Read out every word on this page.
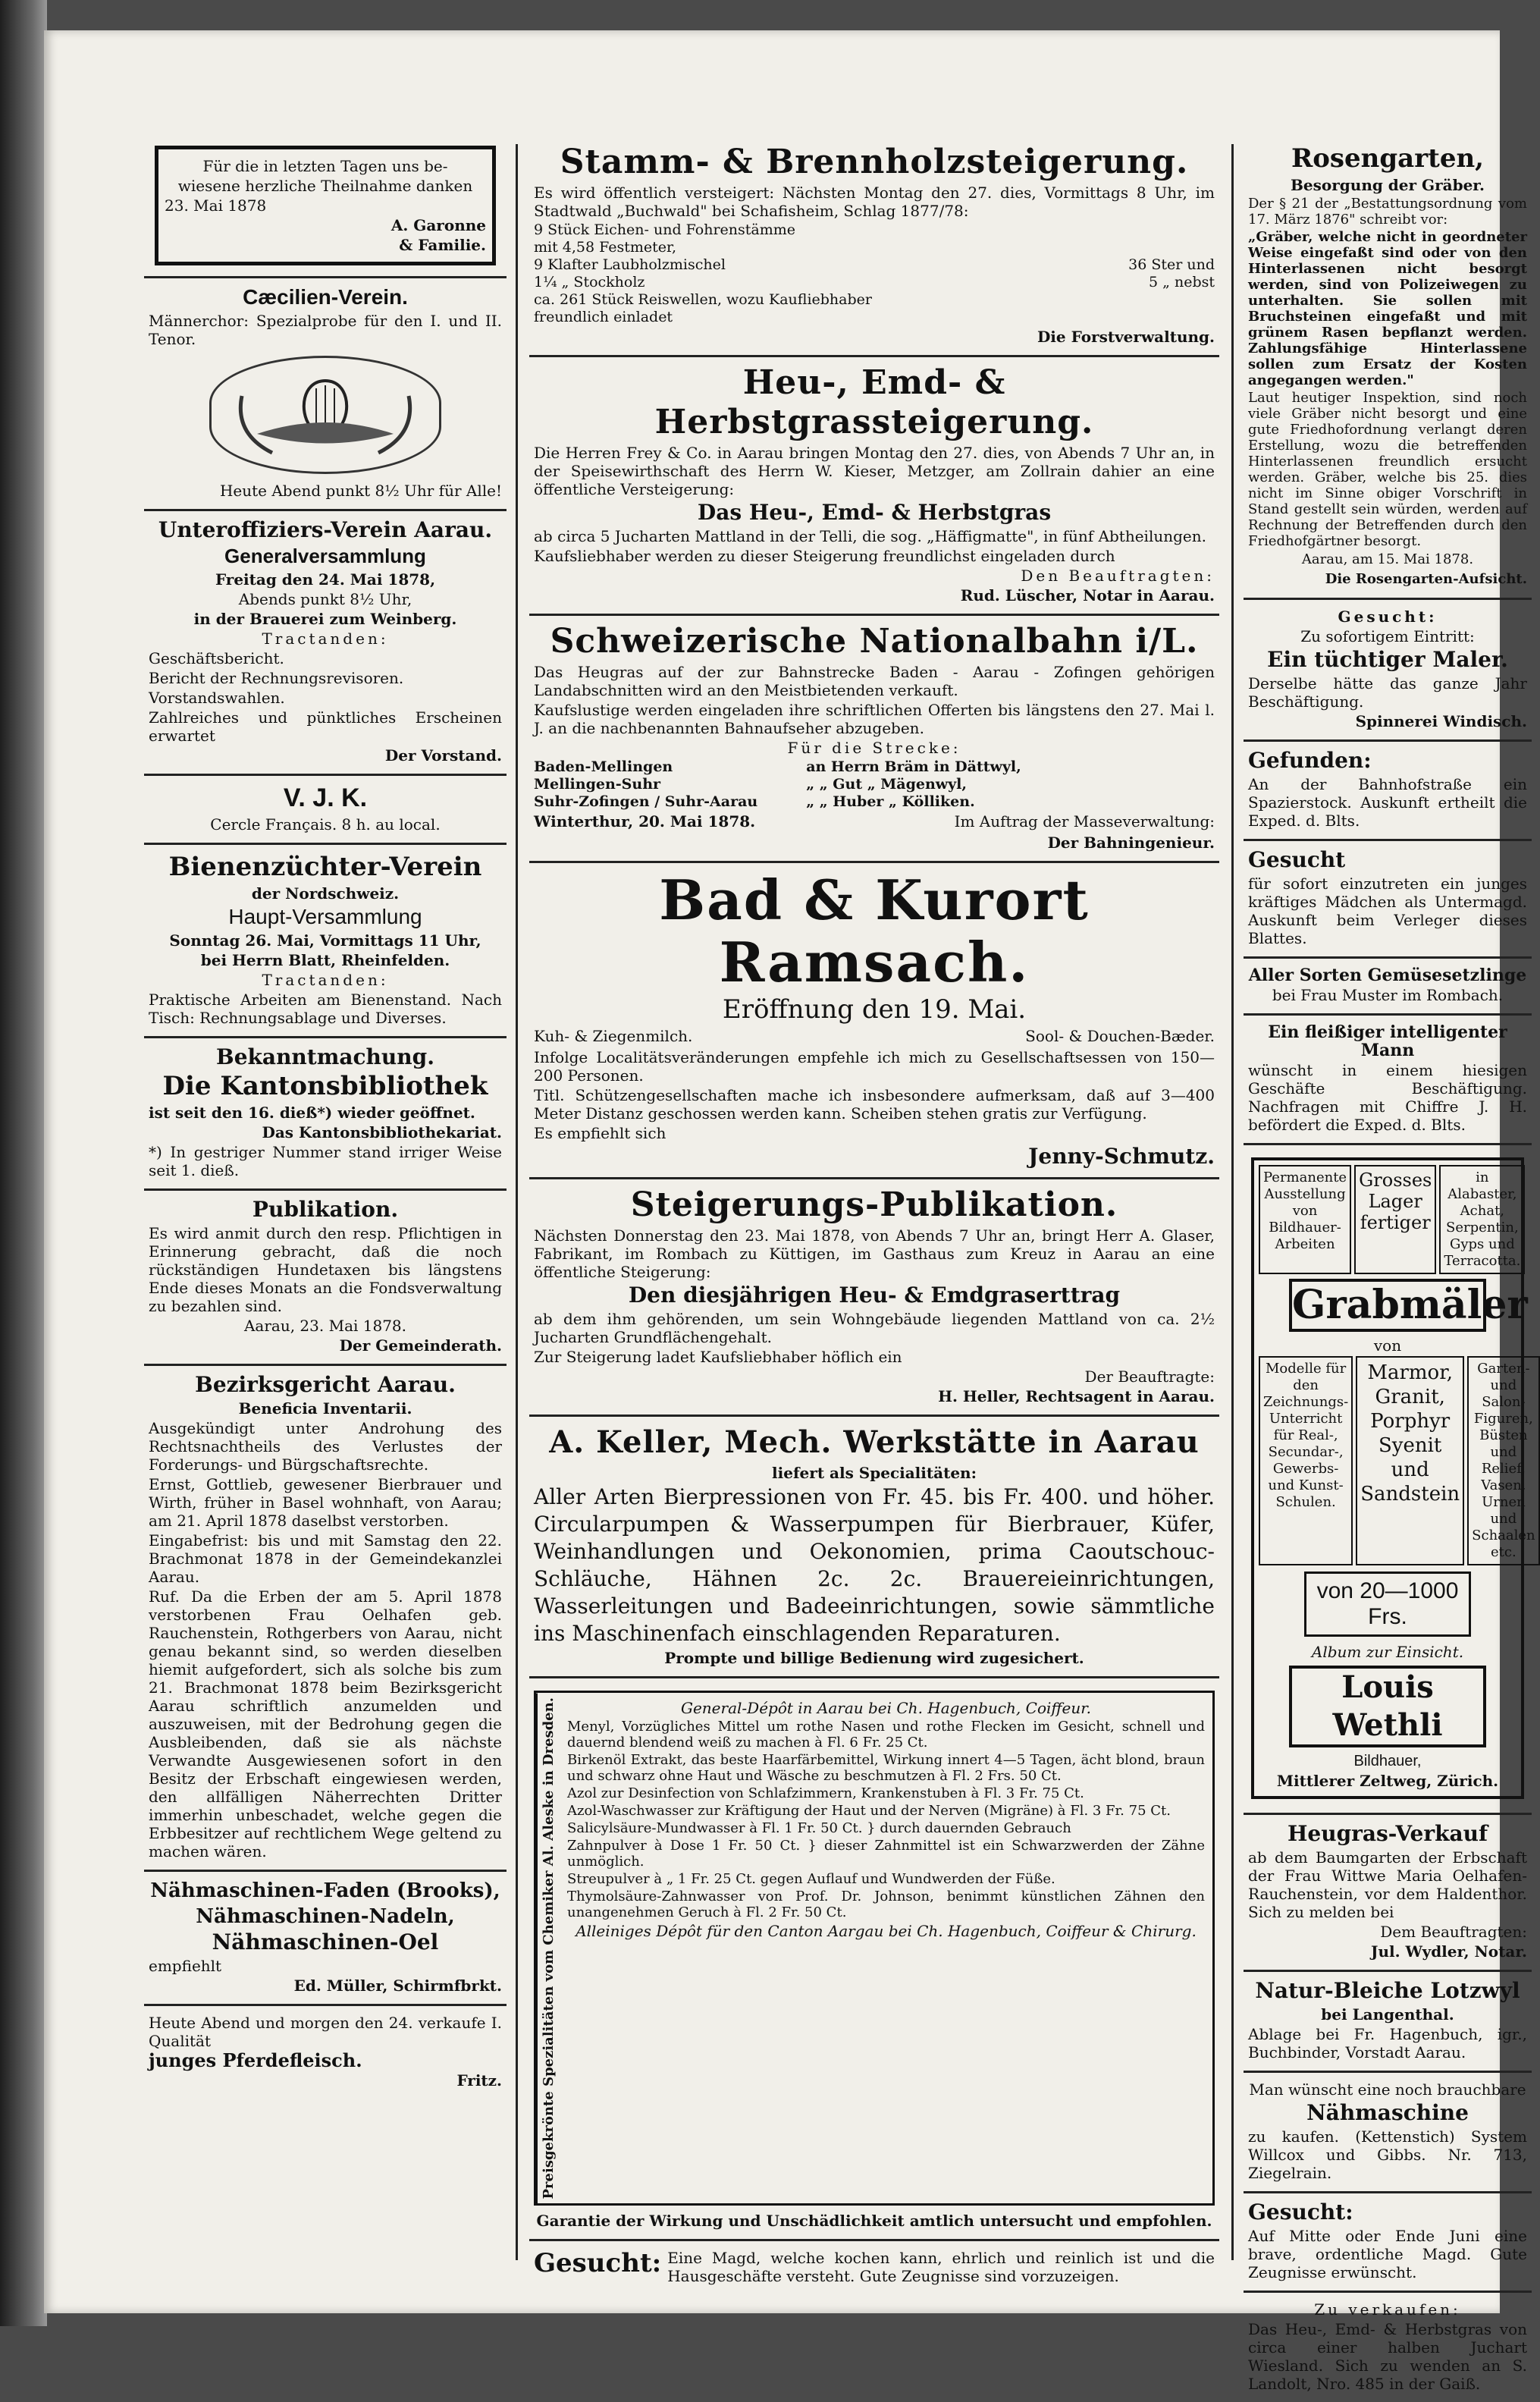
Für die in letzten Tagen uns be-
wiesene herzliche Theilnahme danken
23. Mai 1878
A. Garonne
& Familie.
Cæcilien-Verein.
Männerchor: Spezialprobe für den I. und II. Tenor.
Heute Abend punkt 8½ Uhr für Alle!
Unteroffiziers-Verein Aarau.
Generalversammlung
Freitag den 24. Mai 1878,
Abends punkt 8½ Uhr,
in der Brauerei zum Weinberg.
Tractanden:
Geschäftsbericht.
Bericht der Rechnungsrevisoren.
Vorstandswahlen.
Zahlreiches und pünktliches Erscheinen erwartet
Der Vorstand.
V. J. K.
Cercle Français. 8 h. au local.
Bienenzüchter-Verein
der Nordschweiz.
Haupt-Versammlung
Sonntag 26. Mai, Vormittags 11 Uhr,
bei Herrn Blatt, Rheinfelden.
Tractanden:
Praktische Arbeiten am Bienenstand. Nach Tisch: Rechnungsablage und Diverses.
Bekanntmachung.
Die Kantonsbibliothek
ist seit den 16. dieß*) wieder geöffnet.
Das Kantonsbibliothekariat.
*) In gestriger Nummer stand irriger Weise seit 1. dieß.
Publikation.
Es wird anmit durch den resp. Pflichtigen in Erinnerung gebracht, daß die noch rückständigen Hundetaxen bis längstens Ende dieses Monats an die Fondsverwaltung zu bezahlen sind.
Aarau, 23. Mai 1878.
Der Gemeinderath.
Bezirksgericht Aarau.
Beneficia Inventarii.
Ausgekündigt unter Androhung des Rechtsnachtheils des Verlustes der Forderungs- und Bürgschaftsrechte.
Ernst, Gottlieb, gewesener Bierbrauer und Wirth, früher in Basel wohnhaft, von Aarau; am 21. April 1878 daselbst verstorben.
Eingabefrist: bis und mit Samstag den 22. Brachmonat 1878 in der Gemeindekanzlei Aarau.
Ruf. Da die Erben der am 5. April 1878 verstorbenen Frau Oelhafen geb. Rauchenstein, Rothgerbers von Aarau, nicht genau bekannt sind, so werden dieselben hiemit aufgefordert, sich als solche bis zum 21. Brachmonat 1878 beim Bezirksgericht Aarau schriftlich anzumelden und auszuweisen, mit der Bedrohung gegen die Ausbleibenden, daß sie als nächste Verwandte Ausgewiesenen sofort in den Besitz der Erbschaft eingewiesen werden, den allfälligen Näherrechten Dritter immerhin unbeschadet, welche gegen die Erbbesitzer auf rechtlichem Wege geltend zu machen wären.
Nähmaschinen-Faden (Brooks),
Nähmaschinen-Nadeln,
Nähmaschinen-Oel
empfiehlt
Ed. Müller, Schirmfbrkt.
Heute Abend und morgen den 24. verkaufe I. Qualität
junges Pferdefleisch.
Fritz.
Stamm- & Brennholzsteigerung.
Es wird öffentlich versteigert: Nächsten Montag den 27. dies, Vormittags 8 Uhr, im Stadtwald „Buchwald" bei Schafisheim, Schlag 1877/78:
9 Stück Eichen- und Fohrenstämme mit 4,58 Festmeter,
9 Klafter Laubholzmischel	36 Ster und
1¼ „ Stockholz	5 „ nebst
ca. 261 Stück Reiswellen, wozu Kaufliebhaber freundlich einladet
Die Forstverwaltung.
Heu-, Emd- & Herbstgrassteigerung.
Die Herren Frey & Co. in Aarau bringen Montag den 27. dies, von Abends 7 Uhr an, in der Speisewirthschaft des Herrn W. Kieser, Metzger, am Zollrain dahier an eine öffentliche Versteigerung:
Das Heu-, Emd- & Herbstgras
ab circa 5 Jucharten Mattland in der Telli, die sog. „Häffigmatte", in fünf Abtheilungen.
Kaufsliebhaber werden zu dieser Steigerung freundlichst eingeladen durch
Den Beauftragten:
Rud. Lüscher, Notar in Aarau.
Schweizerische Nationalbahn i/L.
Das Heugras auf der zur Bahnstrecke Baden - Aarau - Zofingen gehörigen Landabschnitten wird an den Meistbietenden verkauft.
Kaufslustige werden eingeladen ihre schriftlichen Offerten bis längstens den 27. Mai l. J. an die nachbenannten Bahnaufseher abzugeben.
Für die Strecke:
Baden-Mellingen	an Herrn Bräm in Dättwyl,
Mellingen-Suhr	„ „ Gut „ Mägenwyl,
Suhr-Zofingen / Suhr-Aarau	„ „ Huber „ Kölliken.
Winterthur, 20. Mai 1878.	Im Auftrag der Masseverwaltung:
Der Bahningenieur.
Bad & Kurort Ramsach.
Eröffnung den 19. Mai.
Kuh- & Ziegenmilch.	Sool- & Douchen-Bæder.
Infolge Localitätsveränderungen empfehle ich mich zu Gesellschaftsessen von 150—200 Personen.
Titl. Schützengesellschaften mache ich insbesondere aufmerksam, daß auf 3—400 Meter Distanz geschossen werden kann. Scheiben stehen gratis zur Verfügung.
Es empfiehlt sich
Jenny-Schmutz.
Steigerungs-Publikation.
Nächsten Donnerstag den 23. Mai 1878, von Abends 7 Uhr an, bringt Herr A. Glaser, Fabrikant, im Rombach zu Küttigen, im Gasthaus zum Kreuz in Aarau an eine öffentliche Steigerung:
Den diesjährigen Heu- & Emdgraserttrag
ab dem ihm gehörenden, um sein Wohngebäude liegenden Mattland von ca. 2½ Jucharten Grundflächengehalt.
Zur Steigerung ladet Kaufsliebhaber höflich ein
Der Beauftragte:
H. Heller, Rechtsagent in Aarau.
A. Keller, Mech. Werkstätte in Aarau
liefert als Specialitäten:
Aller Arten Bierpressionen von Fr. 45. bis Fr. 400. und höher. Circularpumpen & Wasserpumpen für Bierbrauer, Küfer, Weinhandlungen und Oekonomien, prima Caoutschouc-Schläuche, Hähnen 2c. 2c. Brauereieinrichtungen, Wasserleitungen und Badeeinrichtungen, sowie sämmtliche ins Maschinenfach einschlagenden Reparaturen.
Prompte und billige Bedienung wird zugesichert.
Preisgekrönte Spezialitäten vom Chemiker Al. Aleske in Dresden.	General-Dépôt in Aarau bei Ch. Hagenbuch, Coiffeur.
Menyl, Vorzügliches Mittel um rothe Nasen und rothe Flecken im Gesicht, schnell und dauernd blendend weiß zu machen à Fl. 6 Fr. 25 Ct.
Birkenöl Extrakt, das beste Haarfärbemittel, Wirkung innert 4—5 Tagen, ächt blond, braun und schwarz ohne Haut und Wäsche zu beschmutzen à Fl. 2 Frs. 50 Ct.
Azol zur Desinfection von Schlafzimmern, Krankenstuben à Fl. 3 Fr. 75 Ct.
Azol-Waschwasser zur Kräftigung der Haut und der Nerven (Migräne) à Fl. 3 Fr. 75 Ct.
Salicylsäure-Mundwasser à Fl. 1 Fr. 50 Ct. } durch dauernden Gebrauch
Zahnpulver à Dose 1 Fr. 50 Ct. } dieser Zahnmittel ist ein Schwarzwerden der Zähne unmöglich.
Streupulver à „ 1 Fr. 25 Ct. gegen Auflauf und Wundwerden der Füße.
Thymolsäure-Zahnwasser von Prof. Dr. Johnson, benimmt künstlichen Zähnen den unangenehmen Geruch à Fl. 2 Fr. 50 Ct.
Alleiniges Dépôt für den Canton Aargau bei Ch. Hagenbuch, Coiffeur & Chirurg.
Garantie der Wirkung und Unschädlichkeit amtlich untersucht und empfohlen.
Gesucht: Eine Magd, welche kochen kann, ehrlich und reinlich ist und die Hausgeschäfte versteht. Gute Zeugnisse sind vorzuzeigen.
Rosengarten,
Besorgung der Gräber.
Der § 21 der „Bestattungsordnung vom 17. März 1876" schreibt vor:
„Gräber, welche nicht in geordneter Weise eingefaßt sind oder von den Hinterlassenen nicht besorgt werden, sind von Polizeiwegen zu unterhalten. Sie sollen mit Bruchsteinen eingefaßt und mit grünem Rasen bepflanzt werden. Zahlungsfähige Hinterlassene sollen zum Ersatz der Kosten angegangen werden."
Laut heutiger Inspektion, sind noch viele Gräber nicht besorgt und eine gute Friedhofordnung verlangt deren Erstellung, wozu die betreffenden Hinterlassenen freundlich ersucht werden. Gräber, welche bis 25. dies nicht im Sinne obiger Vorschrift in Stand gestellt sein würden, werden auf Rechnung der Betreffenden durch den Friedhofgärtner besorgt.
Aarau, am 15. Mai 1878.
Die Rosengarten-Aufsicht.
Gesucht:
Zu sofortigem Eintritt:
Ein tüchtiger Maler.
Derselbe hätte das ganze Jahr Beschäftigung.
Spinnerei Windisch.
Gefunden:
An der Bahnhofstraße ein Spazierstock. Auskunft ertheilt die Exped. d. Blts.
Gesucht
für sofort einzutreten ein junges kräftiges Mädchen als Untermagd. Auskunft beim Verleger dieses Blattes.
Aller Sorten Gemüsesetzlinge
bei Frau Muster im Rombach.
Ein fleißiger intelligenter Mann
wünscht in einem hiesigen Geschäfte Beschäftigung. Nachfragen mit Chiffre J. H. befördert die Exped. d. Blts.
Permanente Ausstellung von Bildhauer-Arbeiten
Grosses Lager fertiger
in Alabaster, Achat, Serpentin, Gyps und Terracotta.
Grabmäler
von
Modelle für den Zeichnungs-Unterricht für Real-, Secundar-, Gewerbs- und Kunst-Schulen.
Marmor, Granit, Porphyr Syenit und Sandstein
Garten- und Salon-Figuren, Büsten und Relief, Vasen, Urnen und Schaalen etc.
von 20—1000 Frs.
Album zur Einsicht.
Louis Wethli
Bildhauer,
Mittlerer Zeltweg, Zürich.
Heugras-Verkauf
ab dem Baumgarten der Erbschaft der Frau Wittwe Maria Oelhafen-Rauchenstein, vor dem Haldenthor. Sich zu melden bei
Dem Beauftragten:
Jul. Wydler, Notar.
Natur-Bleiche Lotzwyl
bei Langenthal.
Ablage bei Fr. Hagenbuch, igr., Buchbinder, Vorstadt Aarau.
Man wünscht eine noch brauchbare
Nähmaschine
zu kaufen. (Kettenstich) System Willcox und Gibbs. Nr. 713, Ziegelrain.
Gesucht:
Auf Mitte oder Ende Juni eine brave, ordentliche Magd. Gute Zeugnisse erwünscht.
Zu verkaufen:
Das Heu-, Emd- & Herbstgras von circa einer halben Juchart Wiesland. Sich zu wenden an S. Landolt, Nro. 485 in der Gaiß.
